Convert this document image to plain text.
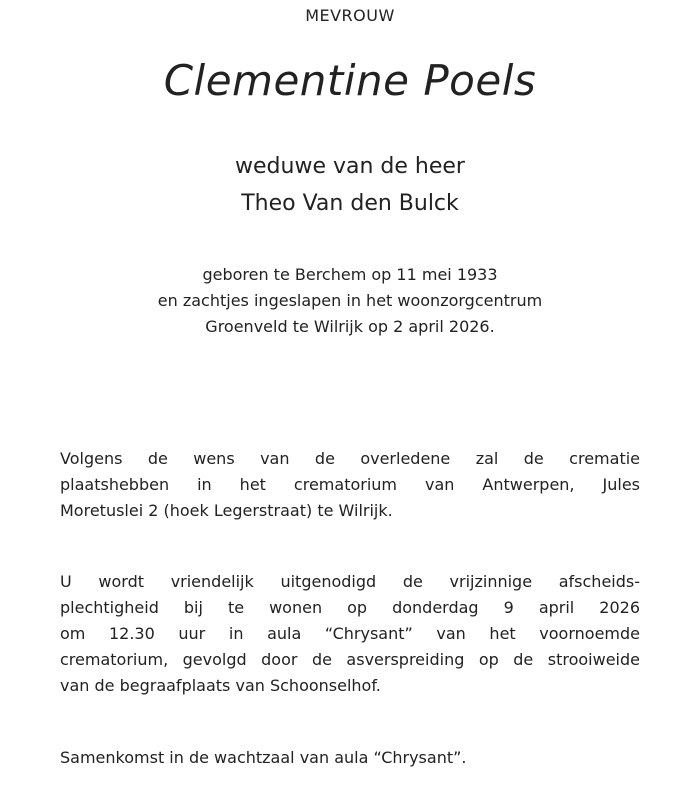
MEVROUW
Clementine Poels
weduwe van de heer
Theo Van den Bulck
geboren te Berchem op 11 mei 1933
en zachtjes ingeslapen in het woonzorgcentrum
Groenveld te Wilrijk op 2 april 2026.
Volgens de wens van de overledene zal de crematie
plaatshebben in het crematorium van Antwerpen, Jules
Moretuslei 2 (hoek Legerstraat) te Wilrijk.
U wordt vriendelijk uitgenodigd de vrijzinnige afscheids-
plechtigheid bij te wonen op donderdag 9 april 2026
om 12.30 uur in aula “Chrysant” van het voornoemde
crematorium, gevolgd door de asverspreiding op de strooiweide
van de begraafplaats van Schoonselhof.
Samenkomst in de wachtzaal van aula “Chrysant”.
